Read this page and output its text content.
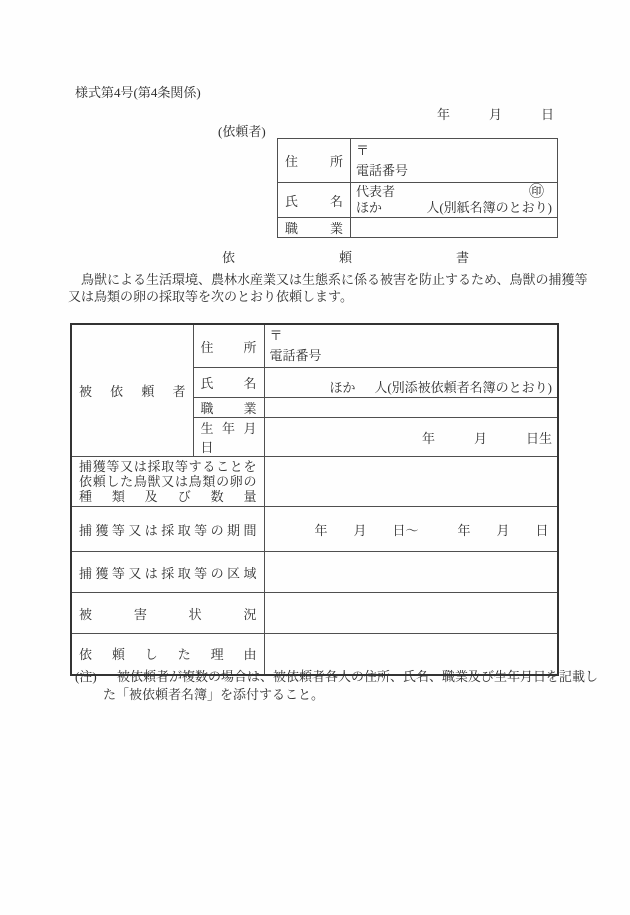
様式第4号(第4条関係)
年　　　月　　　日
(依頼者)
住　　所	〒
電話番号

氏　　名	代表者 ㊞
ほか 人(別紙名簿のとおり)

職　　業	
依　　　　　　　　頼　　　　　　　　書
　鳥獣による生活環境、農林水産業又は生態系に係る被害を防止するため、鳥獣の捕獲等
又は鳥類の卵の採取等を次のとおり依頼します。
被　依　頼　者	住　　所	〒
電話番号

	氏　　名	ほか 人(別添被依頼者名簿のとおり)

	職　　業	
	生 年 月 日	年　　　月　　　日生

捕獲等又は採取等することを
依頼した鳥獣又は鳥類の卵の
種　類　及　び　数　量		

捕 獲 等 又 は 採 取 等 の 期 間		年　　月　　日～　　　年　　月　　日
捕 獲 等 又 は 採 取 等 の 区 域		
被　　害　　状　　況		
依　頼　し　た　理　由		
(注) 被依頼者が複数の場合は、被依頼者各人の住所、氏名、職業及び生年月日を記載し
た「被依頼者名簿」を添付すること。
